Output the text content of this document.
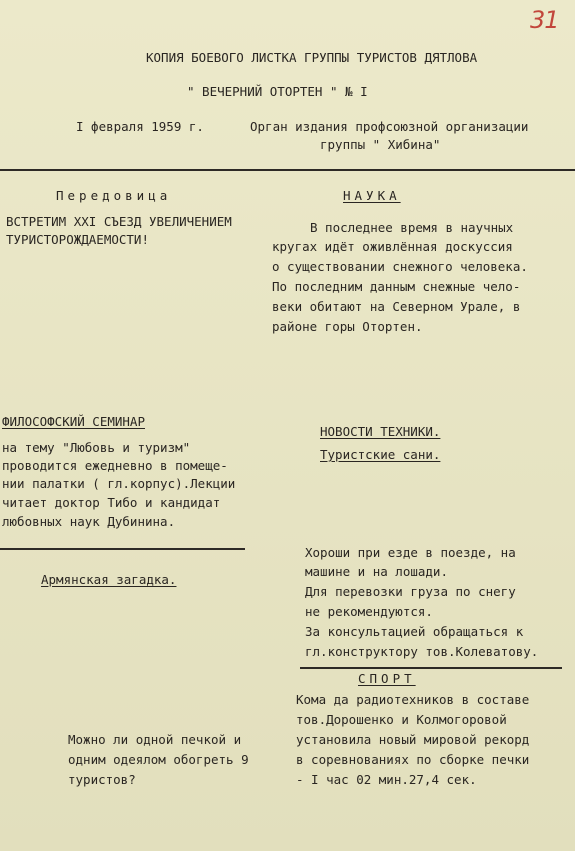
31
КОПИЯ БОЕВОГО ЛИСТКА ГРУППЫ ТУРИСТОВ ДЯТЛОВА
" ВЕЧЕРНИЙ ОТОРТЕН " № I
I февраля 1959 г.	Орган издания профсоюзной организации
группы " Хибина"
Передовица
ВСТРЕТИМ XXI СЪЕЗД УВЕЛИЧЕНИЕМ
ТУРИСТОРОЖДАЕМОСТИ!
НАУКА
В последнее время в научных
кругах идёт оживлённая доскуссия
о существовании снежного человека.
По последним данным снежные чело-
веки обитают на Северном Урале, в
районе горы Отортен.
ФИЛОСОФСКИЙ СЕМИНАР
на тему "Любовь и туризм"
проводится ежедневно в помеще-
нии палатки ( гл.корпус).Лекции
читает доктор Тибо и кандидат
любовных наук Дубинина.
НОВОСТИ ТЕХНИКИ.
Туристские сани.
Хороши при езде в поезде, на
машине и на лошади.
Для перевозки груза по снегу
не рекомендуются.
За консультацией обращаться к
гл.конструктору тов.Колеватову.
Армянская загадка.
Можно ли одной печкой и
одним одеялом обогреть 9
туристов?
СПОРТ
Кома да радиотехников в составе
тов.Дорошенко и Колмогоровой
установила новый мировой рекорд
в соревнованиях по сборке печки
- I час 02 мин.27,4 сек.
